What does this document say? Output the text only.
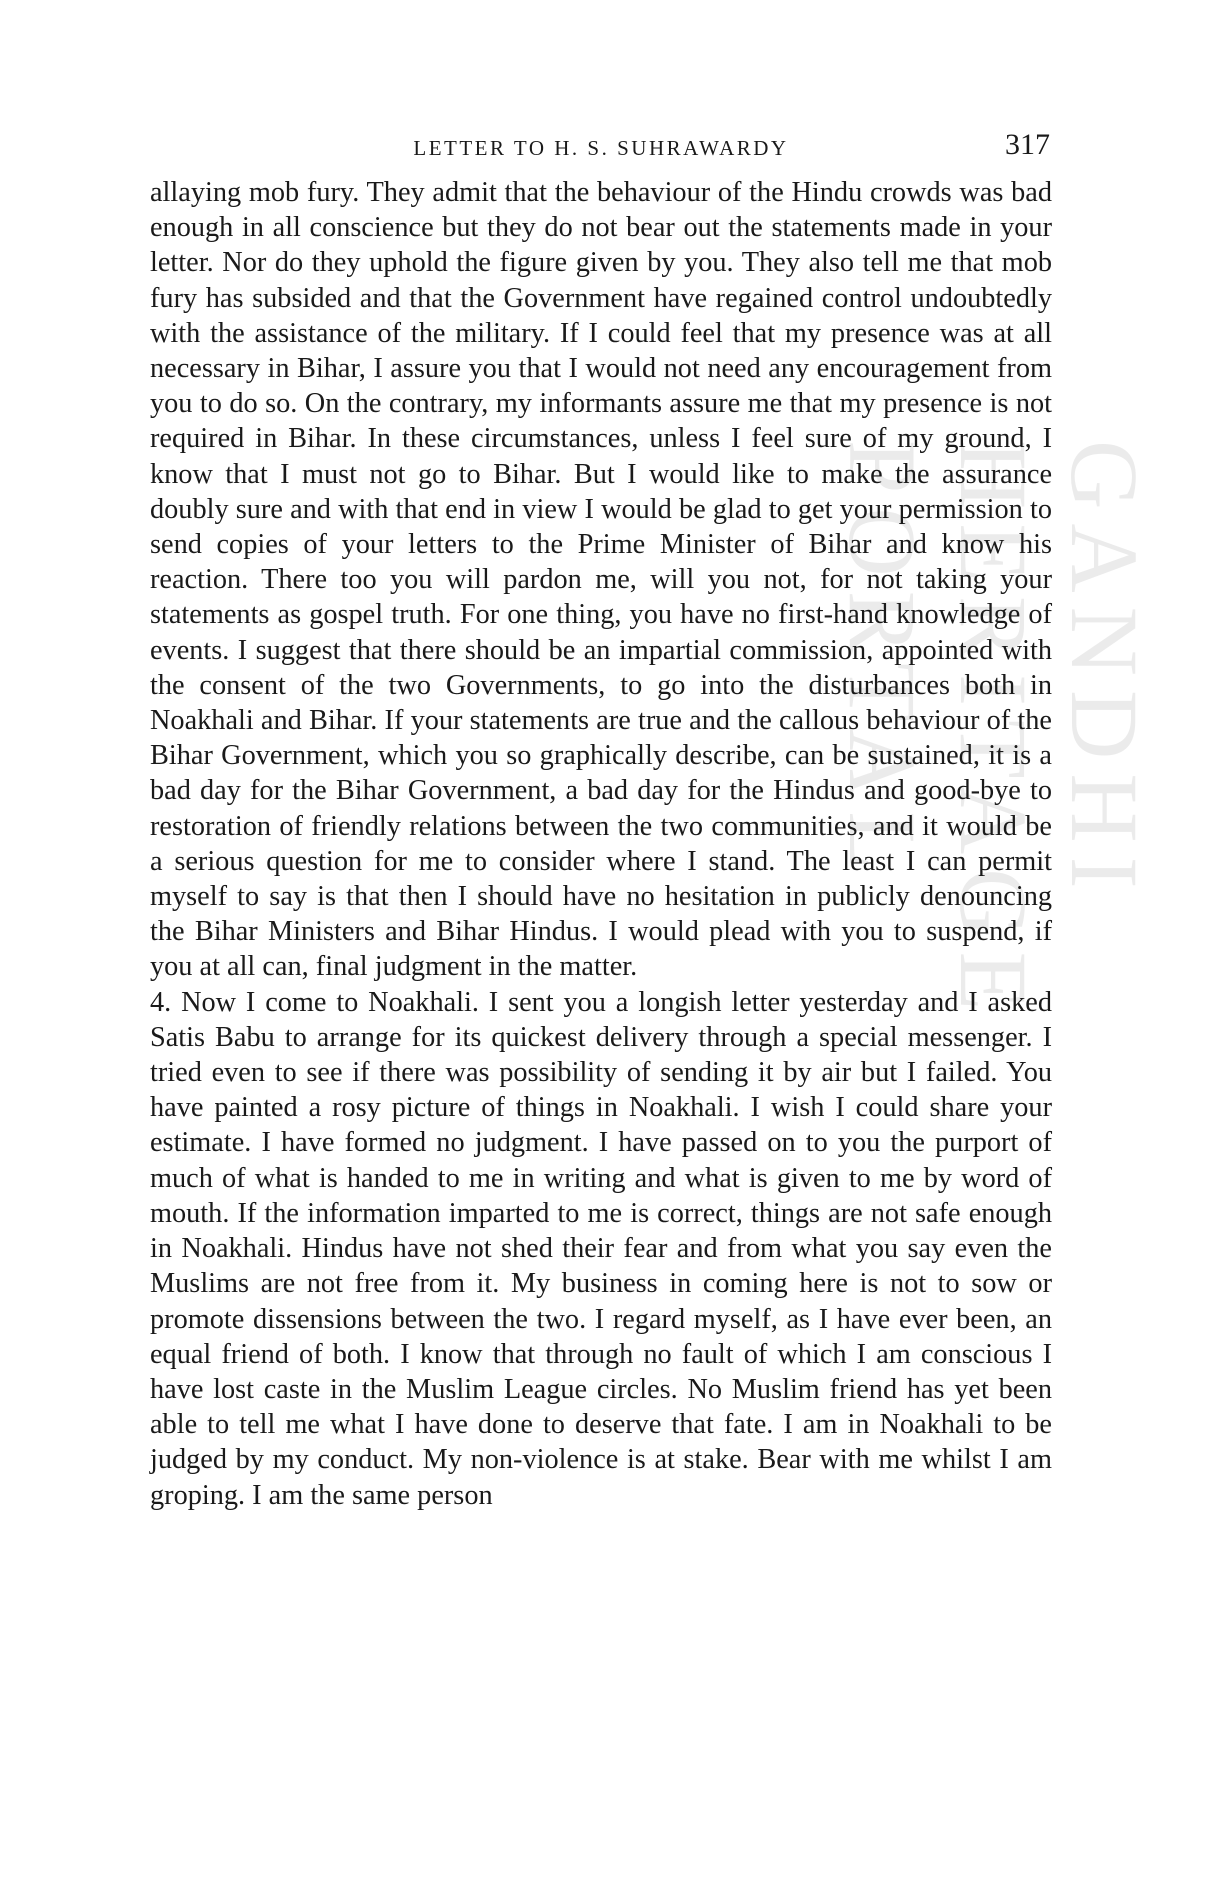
LETTER TO H. S. SUHRAWARDY	317
GANDHI HERITAGE PORTAL

allaying mob fury. They admit that the behaviour of the Hindu crowds was bad enough in all conscience but they do not bear out the statements made in your letter. Nor do they uphold the figure given by you. They also tell me that mob fury has subsided and that the Government have regained control undoubtedly with the assistance of the military. If I could feel that my presence was at all necessary in Bihar, I assure you that I would not need any encouragement from you to do so. On the contrary, my informants assure me that my presence is not required in Bihar. In these circumstances, unless I feel sure of my ground, I know that I must not go to Bihar. But I would like to make the assurance doubly sure and with that end in view I would be glad to get your permission to send copies of your letters to the Prime Minister of Bihar and know his reaction. There too you will pardon me, will you not, for not taking your statements as gospel truth. For one thing, you have no first-hand knowledge of events. I suggest that there should be an impartial commission, appointed with the consent of the two Governments, to go into the disturbances both in Noakhali and Bihar. If your statements are true and the callous behaviour of the Bihar Government, which you so graphically describe, can be sustained, it is a bad day for the Bihar Government, a bad day for the Hindus and good-bye to restoration of friendly relations between the two communities, and it would be a serious question for me to consider where I stand. The least I can permit myself to say is that then I should have no hesitation in publicly denouncing the Bihar Ministers and Bihar Hindus. I would plead with you to suspend, if you at all can, final judgment in the matter.

4. Now I come to Noakhali. I sent you a longish letter yesterday and I asked Satis Babu to arrange for its quickest delivery through a special messenger. I tried even to see if there was possibility of sending it by air but I failed. You have painted a rosy picture of things in Noakhali. I wish I could share your estimate. I have formed no judgment. I have passed on to you the purport of much of what is handed to me in writing and what is given to me by word of mouth. If the information imparted to me is correct, things are not safe enough in Noakhali. Hindus have not shed their fear and from what you say even the Muslims are not free from it. My business in coming here is not to sow or promote dissensions between the two. I regard myself, as I have ever been, an equal friend of both. I know that through no fault of which I am conscious I have lost caste in the Muslim League circles. No Muslim friend has yet been able to tell me what I have done to deserve that fate. I am in Noakhali to be judged by my conduct. My non-violence is at stake. Bear with me whilst I am groping. I am the same person
